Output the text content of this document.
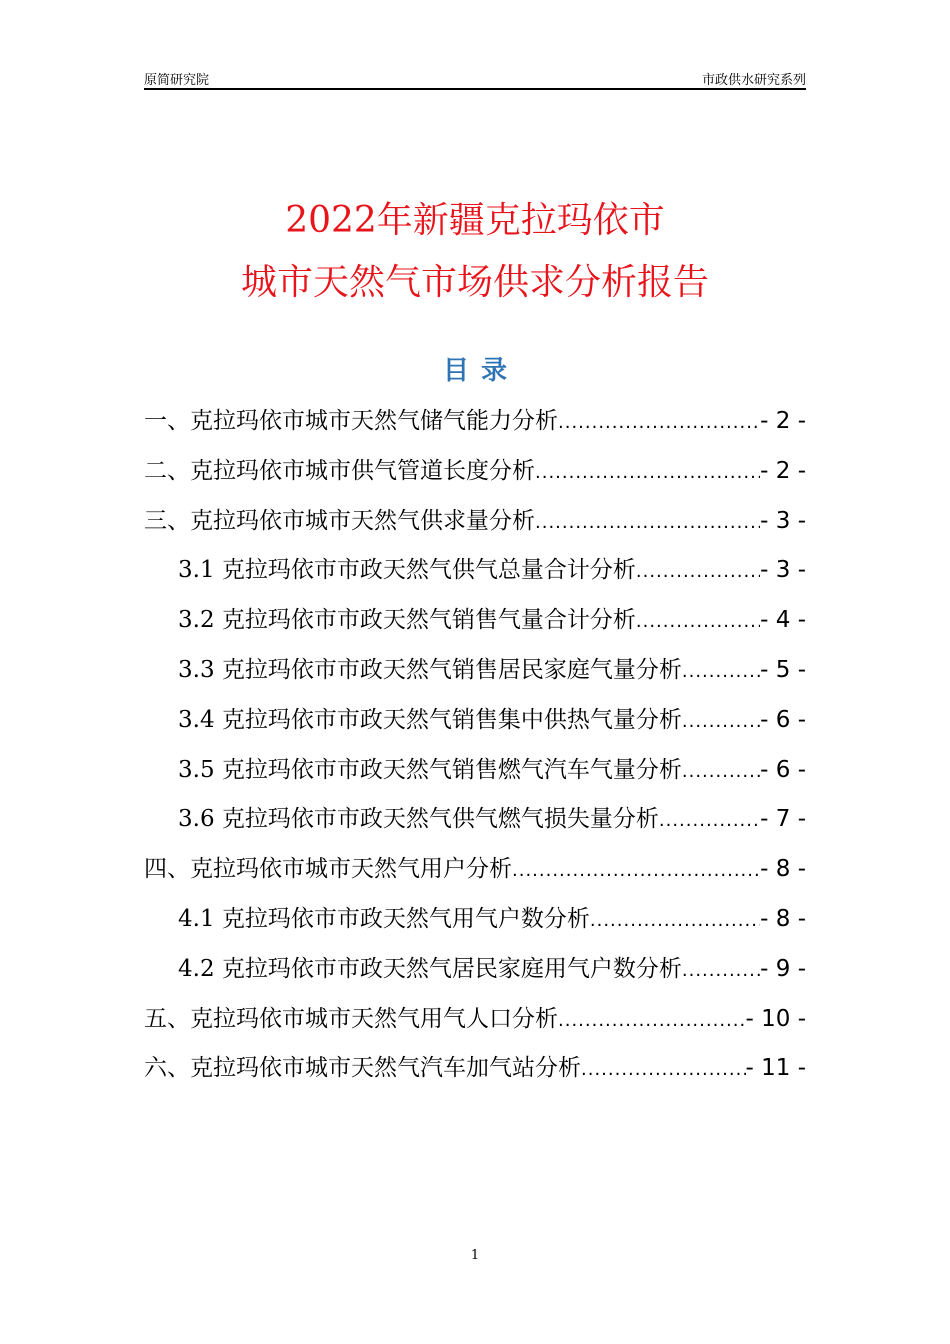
原简研究院	市政供水研究系列
2022年新疆克拉玛依市
城市天然气市场供求分析报告
目录
一、克拉玛依市城市天然气储气能力分析 .....	- 2 -
二、克拉玛依市城市供气管道长度分析 .....	- 2 -
三、克拉玛依市城市天然气供求量分析 .....	- 3 -
3.1 克拉玛依市市政天然气供气总量合计分析 .....	- 3 -
3.2 克拉玛依市市政天然气销售气量合计分析 .....	- 4 -
3.3 克拉玛依市市政天然气销售居民家庭气量分析 .....	- 5 -
3.4 克拉玛依市市政天然气销售集中供热气量分析 .....	- 6 -
3.5 克拉玛依市市政天然气销售燃气汽车气量分析 .....	- 6 -
3.6 克拉玛依市市政天然气供气燃气损失量分析 .....	- 7 -
四、克拉玛依市城市天然气用户分析 .....	- 8 -
4.1 克拉玛依市市政天然气用气户数分析 .....	- 8 -
4.2 克拉玛依市市政天然气居民家庭用气户数分析 .....	- 9 -
五、克拉玛依市城市天然气用气人口分析 .....	- 10 -
六、克拉玛依市城市天然气汽车加气站分析 .....	- 11 -
1
